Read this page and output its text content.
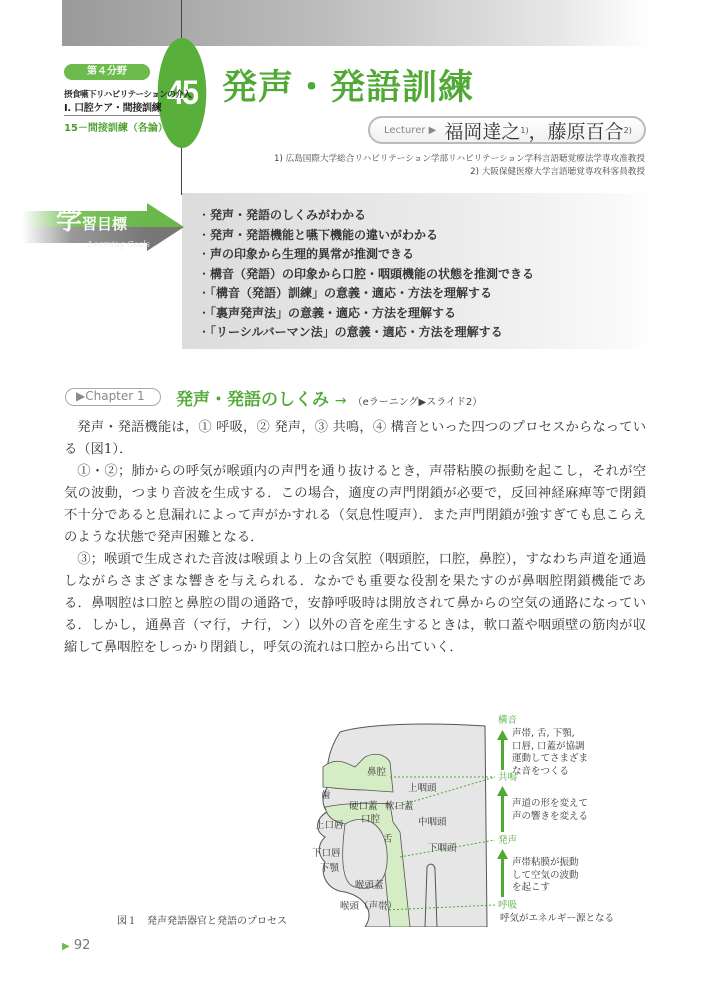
45
第４分野
摂食嚥下リハビリテーションの介入
Ⅰ. 口腔ケア・間接訓練
15－間接訓練（各論）
発声・発語訓練
Lecturer ▶ 福岡達之 1) ， 藤原百合 2)
1) 広島国際大学総合リハビリテーション学部リハビリテーション学科言語聴覚療法学専攻准教授
2) 大阪保健医療大学言語聴覚専攻科客員教授
・ 発声・発語のしくみがわかる
・ 発声・発語機能と嚥下機能の違いがわかる
・ 声の印象から生理的異常が推測できる
・ 構音（発語）の印象から口腔・咽頭機能の状態を推測できる
・ 「構音（発語）訓練」の意義・適応・方法を理解する
・ 「裏声発声法」の意義・適応・方法を理解する
・ 「リーシルバーマン法」の意義・適応・方法を理解する
学習目標
Learning Goals
▶Chapter 1	発声・発語のしくみ → （eラーニング▶スライド2）

発声・発語機能は，① 呼吸，② 発声，③ 共鳴，④ 構音といった四つのプロセスからなっている（図1）．

①・②；肺からの呼気が喉頭内の声門を通り抜けるとき，声帯粘膜の振動を起こし，それが空気の波動，つまり音波を生成する．この場合，適度の声門閉鎖が必要で，反回神経麻痺等で閉鎖不十分であると息漏れによって声がかすれる（気息性嗄声）．また声門閉鎖が強すぎても息こらえのような状態で発声困難となる．

③；喉頭で生成された音波は喉頭より上の含気腔（咽頭腔，口腔，鼻腔），すなわち声道を通過しながらさまざまな響きを与えられる．なかでも重要な役割を果たすのが鼻咽腔閉鎖機能である．鼻咽腔は口腔と鼻腔の間の通路で，安静呼吸時は開放されて鼻からの空気の通路になっている．しかし，通鼻音（マ行，ナ行，ン）以外の音を産生するときは，軟口蓋や咽頭壁の筋肉が収縮して鼻咽腔をしっかり閉鎖し，呼気の流れは口腔から出ていく．

鼻腔
上咽頭
歯
硬口蓋 軟口蓋
口腔
上口唇	中咽頭
舌
下咽頭
下口唇
下顎
喉頭蓋
喉頭（声帯）
構音
声帯, 舌, 下顎,
口唇, 口蓋が協調
運動してさまざま
な音をつくる
共鳴
声道の形を変えて
声の響きを変える
発声
声帯粘膜が振動
して空気の波動
を起こす
呼吸
呼気がエネルギー源となる
図１　発声発語器官と発語のプロセス
▶ 92
